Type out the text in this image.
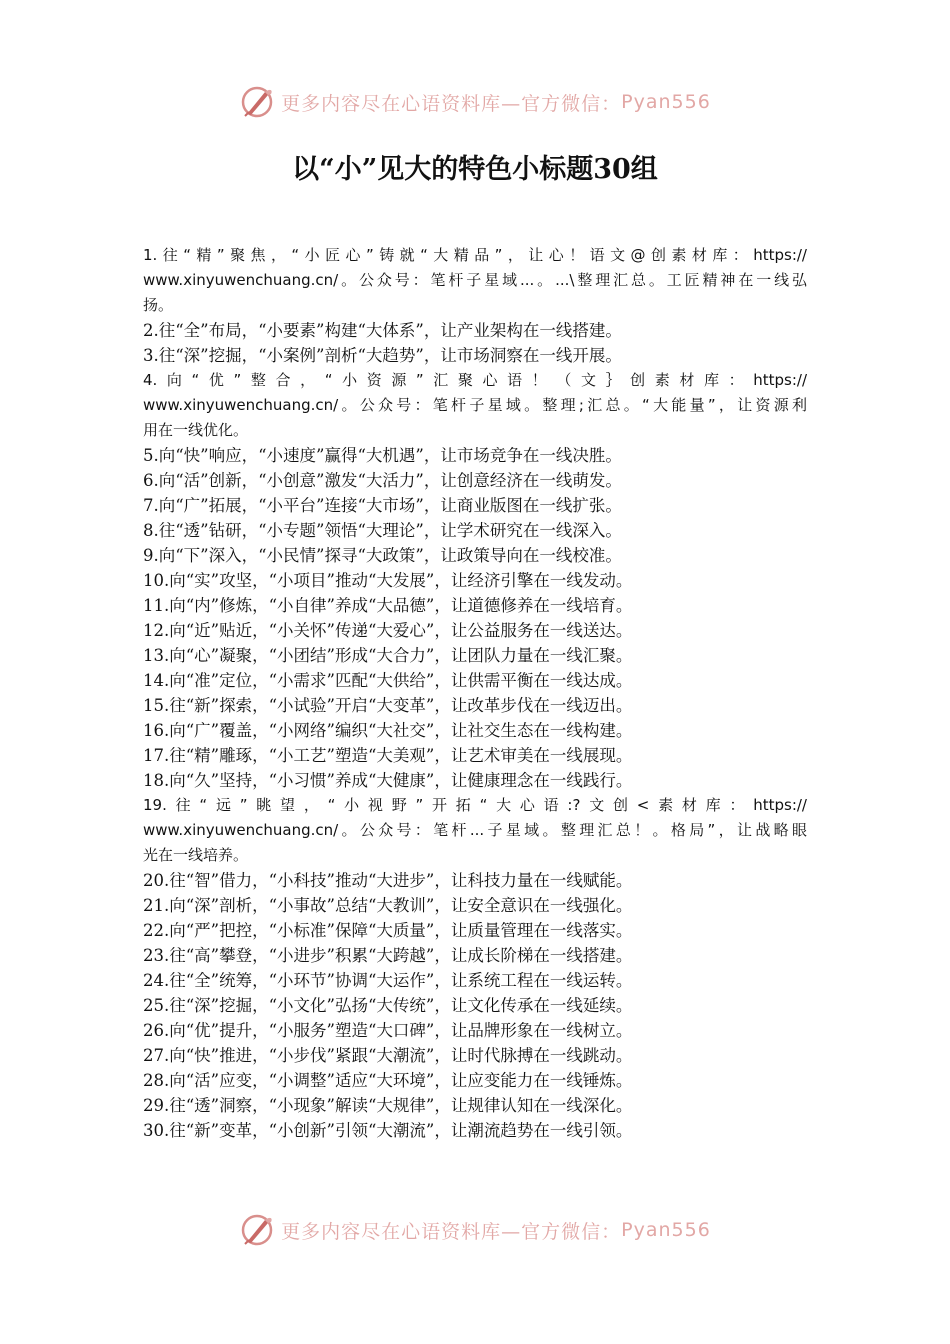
更多内容尽在心语资料库—官方微信： Pyan556
以“小”见大的特色小标题30组
1.往“精”聚焦，“小匠心”铸就“大精品”，让心！语文@创素材库：https://
www.xinyuwenchuang.cn/。公众号：笔杆子星域...。...\整理汇总。工匠精神在一线弘
扬。
2.往“全”布局，“小要素”构建“大体系”，让产业架构在一线搭建。
3.往“深”挖掘，“小案例”剖析“大趋势”，让市场洞察在一线开展。
4.向“优”整合，“小资源”汇聚心语！（文｝创素材库：https://
www.xinyuwenchuang.cn/。公众号：笔杆子星域。整理;汇总。“大能量”，让资源利
用在一线优化。
5.向“快”响应，“小速度”赢得“大机遇”，让市场竞争在一线决胜。
6.向“活”创新，“小创意”激发“大活力”，让创意经济在一线萌发。
7.向“广”拓展，“小平台”连接“大市场”，让商业版图在一线扩张。
8.往“透”钻研，“小专题”领悟“大理论”，让学术研究在一线深入。
9.向“下”深入，“小民情”探寻“大政策”，让政策导向在一线校准。
10.向“实”攻坚，“小项目”推动“大发展”，让经济引擎在一线发动。
11.向“内”修炼，“小自律”养成“大品德”，让道德修养在一线培育。
12.向“近”贴近，“小关怀”传递“大爱心”，让公益服务在一线送达。
13.向“心”凝聚，“小团结”形成“大合力”，让团队力量在一线汇聚。
14.向“准”定位，“小需求”匹配“大供给”，让供需平衡在一线达成。
15.往“新”探索，“小试验”开启“大变革”，让改革步伐在一线迈出。
16.向“广”覆盖，“小网络”编织“大社交”，让社交生态在一线构建。
17.往“精”雕琢，“小工艺”塑造“大美观”，让艺术审美在一线展现。
18.向“久”坚持，“小习惯”养成“大健康”，让健康理念在一线践行。
19.往“远”眺望，“小视野”开拓“大心语:?文创<素材库：https://
www.xinyuwenchuang.cn/。公众号：笔杆...子星域。整理汇总！。格局”，让战略眼
光在一线培养。
20.往“智”借力，“小科技”推动“大进步”，让科技力量在一线赋能。
21.向“深”剖析，“小事故”总结“大教训”，让安全意识在一线强化。
22.向“严”把控，“小标准”保障“大质量”，让质量管理在一线落实。
23.往“高”攀登，“小进步”积累“大跨越”，让成长阶梯在一线搭建。
24.往“全”统筹，“小环节”协调“大运作”，让系统工程在一线运转。
25.往“深”挖掘，“小文化”弘扬“大传统”，让文化传承在一线延续。
26.向“优”提升，“小服务”塑造“大口碑”，让品牌形象在一线树立。
27.向“快”推进，“小步伐”紧跟“大潮流”，让时代脉搏在一线跳动。
28.向“活”应变，“小调整”适应“大环境”，让应变能力在一线锤炼。
29.往“透”洞察，“小现象”解读“大规律”，让规律认知在一线深化。
30.往“新”变革，“小创新”引领“大潮流”，让潮流趋势在一线引领。
更多内容尽在心语资料库—官方微信： Pyan556
